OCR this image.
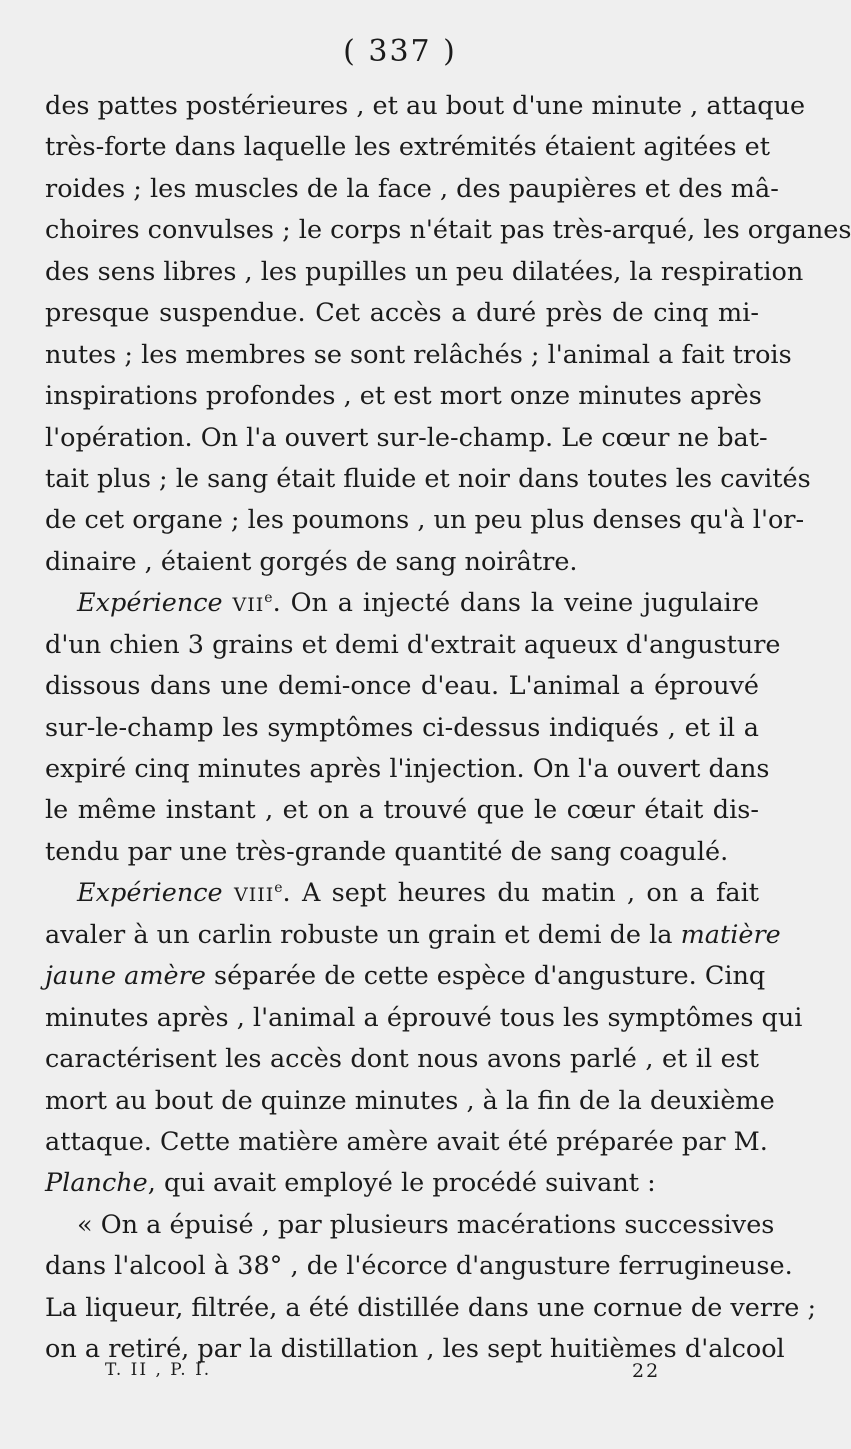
( 337 )
des pattes postérieures , et au bout d'une minute , attaque
très-forte dans laquelle les extrémités étaient agitées et
roides ; les muscles de la face , des paupières et des mâ-
choires convulses ; le corps n'était pas très-arqué, les organes
des sens libres , les pupilles un peu dilatées, la respiration
presque suspendue. Cet accès a duré près de cinq mi-
nutes ; les membres se sont relâchés ; l'animal a fait trois
inspirations profondes , et est mort onze minutes après
l'opération. On l'a ouvert sur-le-champ. Le cœur ne bat-
tait plus ; le sang était fluide et noir dans toutes les cavités
de cet organe ; les poumons , un peu plus denses qu'à l'or-
dinaire , étaient gorgés de sang noirâtre.
Expérience VIIe. On a injecté dans la veine jugulaire
d'un chien 3 grains et demi d'extrait aqueux d'angusture
dissous dans une demi-once d'eau. L'animal a éprouvé
sur-le-champ les symptômes ci-dessus indiqués , et il a
expiré cinq minutes après l'injection. On l'a ouvert dans
le même instant , et on a trouvé que le cœur était dis-
tendu par une très-grande quantité de sang coagulé.
Expérience VIIIe. A sept heures du matin , on a fait
avaler à un carlin robuste un grain et demi de la matière
jaune amère séparée de cette espèce d'angusture. Cinq
minutes après , l'animal a éprouvé tous les symptômes qui
caractérisent les accès dont nous avons parlé , et il est
mort au bout de quinze minutes , à la fin de la deuxième
attaque. Cette matière amère avait été préparée par M.
Planche, qui avait employé le procédé suivant :
« On a épuisé , par plusieurs macérations successives
dans l'alcool à 38° , de l'écorce d'angusture ferrugineuse.
La liqueur, filtrée, a été distillée dans une cornue de verre ;
on a retiré, par la distillation , les sept huitièmes d'alcool
T. II , P. I.	22
